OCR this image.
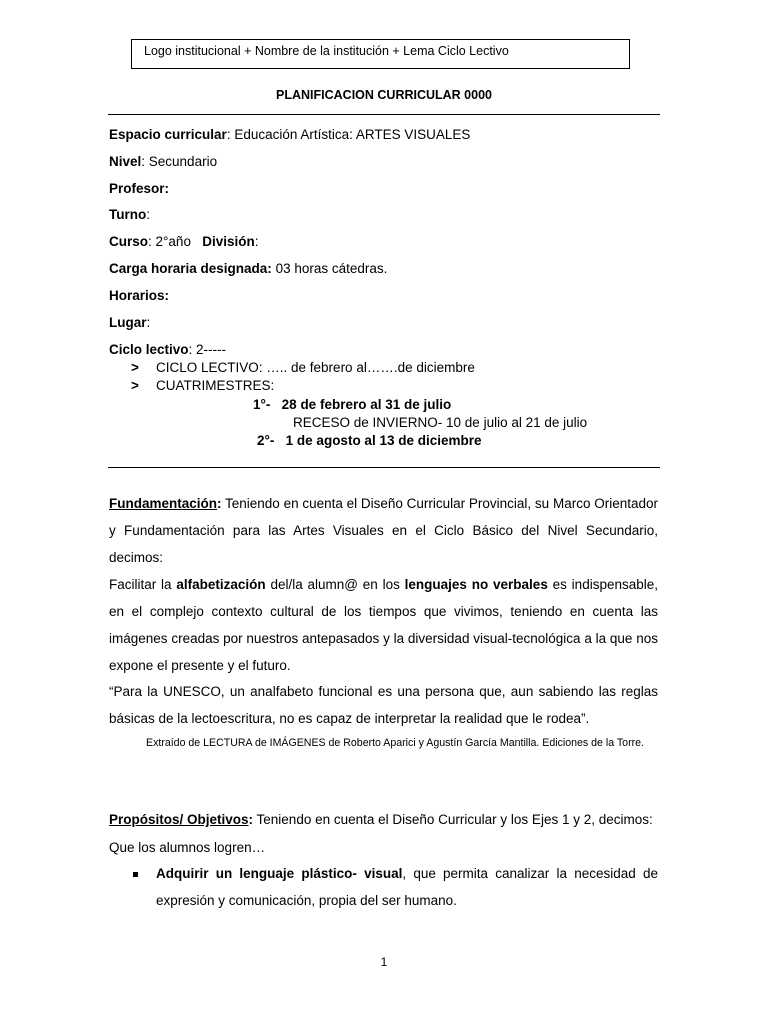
Logo institucional + Nombre de la institución + Lema Ciclo Lectivo
PLANIFICACION CURRICULAR 0000
Espacio curricular: Educación Artística: ARTES VISUALES
Nivel: Secundario
Profesor:
Turno:
Curso: 2°año División:
Carga horaria designada: 03 horas cátedras.
Horarios:
Lugar:
Ciclo lectivo: 2-----
> CICLO LECTIVO: ….. de febrero al…….de diciembre
> CUATRIMESTRES:
1°- 28 de febrero al 31 de julio
RECESO de INVIERNO- 10 de julio al 21 de julio
2°- 1 de agosto al 13 de diciembre
Fundamentación: Teniendo en cuenta el Diseño Curricular Provincial, su Marco Orientador y Fundamentación para las Artes Visuales en el Ciclo Básico del Nivel Secundario, decimos:
Facilitar la alfabetización del/la alumn@ en los lenguajes no verbales es indispensable, en el complejo contexto cultural de los tiempos que vivimos, teniendo en cuenta las imágenes creadas por nuestros antepasados y la diversidad visual-tecnológica a la que nos expone el presente y el futuro.
“Para la UNESCO, un analfabeto funcional es una persona que, aun sabiendo las reglas básicas de la lectoescritura, no es capaz de interpretar la realidad que le rodea”.
Extraído de LECTURA de IMÁGENES de Roberto Aparici y Agustín García Mantilla. Ediciones de la Torre.
Propósitos/ Objetivos: Teniendo en cuenta el Diseño Curricular y los Ejes 1 y 2, decimos:
Que los alumnos logren…
Adquirir un lenguaje plástico- visual, que permita canalizar la necesidad de expresión y comunicación, propia del ser humano.
1
